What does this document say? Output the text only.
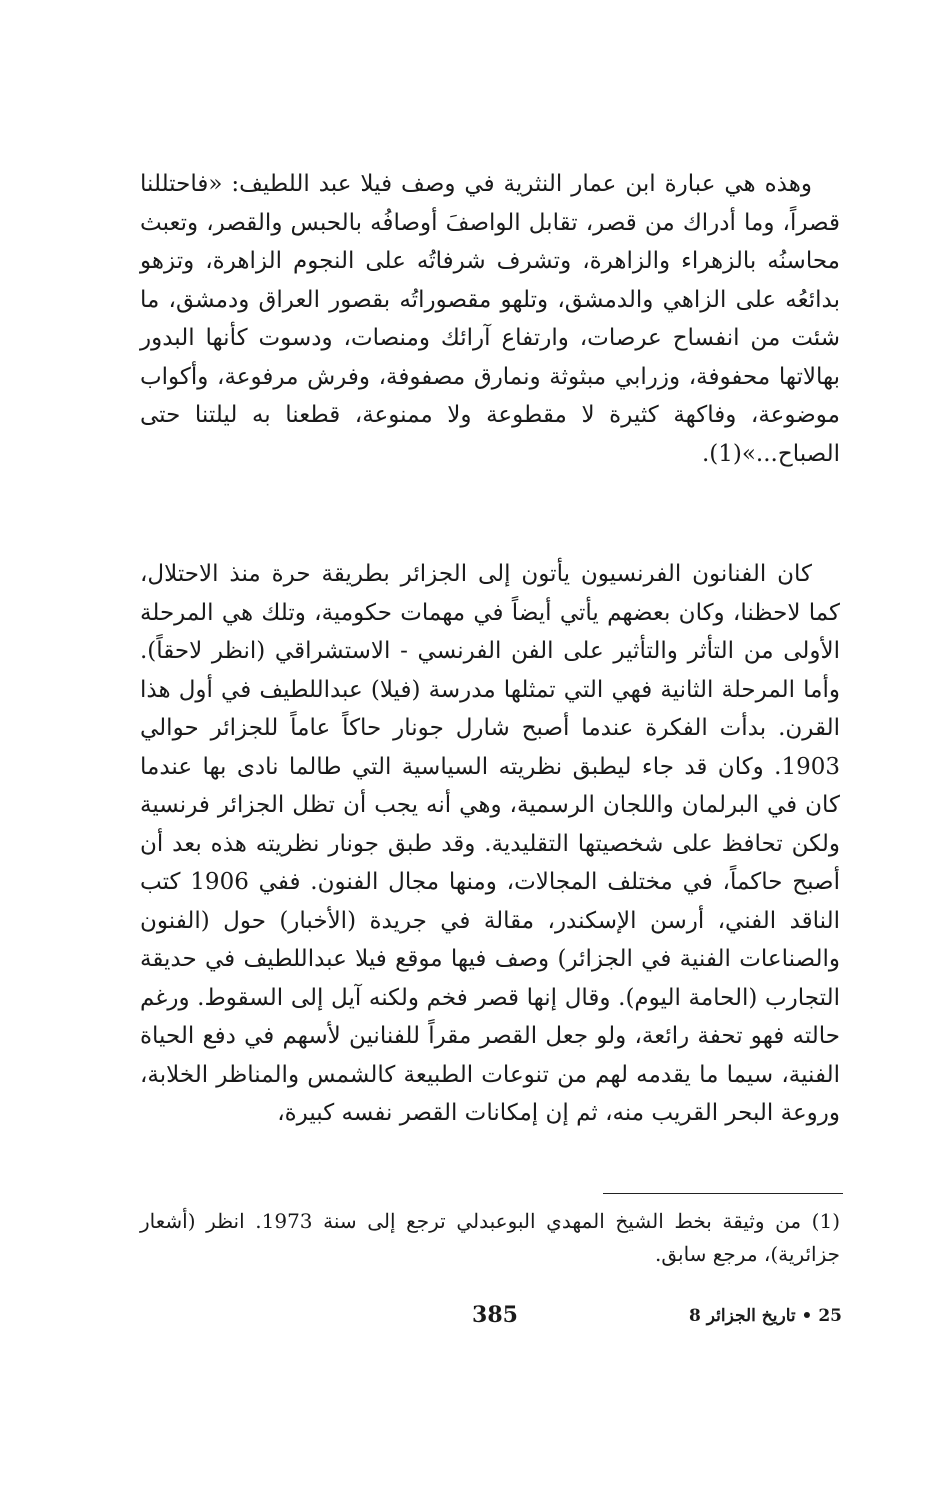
وهذه هي عبارة ابن عمار النثرية في وصف فيلا عبد اللطيف: «فاحتللنا قصراً، وما أدراك من قصر، تقابل الواصفَ أوصافُه بالحبس والقصر، وتعبث محاسنُه بالزهراء والزاهرة، وتشرف شرفاتُه على النجوم الزاهرة، وتزهو بدائعُه على الزاهي والدمشق، وتلهو مقصوراتُه بقصور العراق ودمشق، ما شئت من انفساح عرصات، وارتفاع آرائك ومنصات، ودسوت كأنها البدور بهالاتها محفوفة، وزرابي مبثوثة ونمارق مصفوفة، وفرش مرفوعة، وأكواب موضوعة، وفاكهة كثيرة لا مقطوعة ولا ممنوعة، قطعنا به ليلتنا حتى الصباح...»(1).

كان الفنانون الفرنسيون يأتون إلى الجزائر بطريقة حرة منذ الاحتلال، كما لاحظنا، وكان بعضهم يأتي أيضاً في مهمات حكومية، وتلك هي المرحلة الأولى من التأثر والتأثير على الفن الفرنسي - الاستشراقي (انظر لاحقاً). وأما المرحلة الثانية فهي التي تمثلها مدرسة (فيلا) عبداللطيف في أول هذا القرن. بدأت الفكرة عندما أصبح شارل جونار حاكاً عاماً للجزائر حوالي 1903. وكان قد جاء ليطبق نظريته السياسية التي طالما نادى بها عندما كان في البرلمان واللجان الرسمية، وهي أنه يجب أن تظل الجزائر فرنسية ولكن تحافظ على شخصيتها التقليدية. وقد طبق جونار نظريته هذه بعد أن أصبح حاكماً، في مختلف المجالات، ومنها مجال الفنون. ففي 1906 كتب الناقد الفني، أرسن الإسكندر، مقالة في جريدة (الأخبار) حول (الفنون والصناعات الفنية في الجزائر) وصف فيها موقع فيلا عبداللطيف في حديقة التجارب (الحامة اليوم). وقال إنها قصر فخم ولكنه آيل إلى السقوط. ورغم حالته فهو تحفة رائعة، ولو جعل القصر مقراً للفنانين لأسهم في دفع الحياة الفنية، سيما ما يقدمه لهم من تنوعات الطبيعة كالشمس والمناظر الخلابة، وروعة البحر القريب منه، ثم إن إمكانات القصر نفسه كبيرة،

(1) من وثيقة بخط الشيخ المهدي البوعبدلي ترجع إلى سنة 1973. انظر (أشعار جزائرية)، مرجع سابق.

385	25 • تاريخ الجزائر 8
